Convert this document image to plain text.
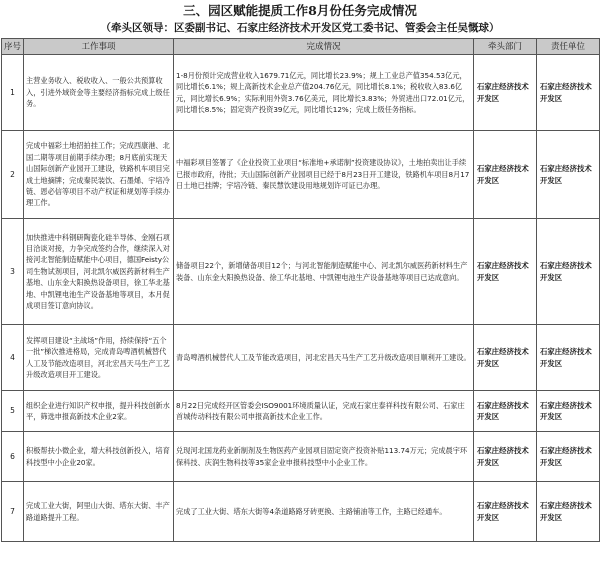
三、园区赋能提质工作8月份任务完成情况
（牵头区领导：区委副书记、石家庄经济技术开发区党工委书记、管委会主任吴慨球）
序号	工作事项	完成情况	牵头部门	责任单位
1	主营业务收入、税收收入、一般公共预算收入，引进外域资金等主要经济指标完成上级任务。	1-8月份预计完成营业收入1679.71亿元，同比增长23.9%；规上工业总产值354.53亿元，同比增长6.1%；规上高新技术企业总产值204.76亿元，同比增长8.1%；税收收入83.6亿元，同比增长6.9%；实际利用外资3.76亿美元，同比增长3.83%；外贸进出口72.01亿元，同比增长8.5%；固定资产投资39亿元，同比增长12%；完成上级任务指标。	石家庄经济技术开发区	石家庄经济技术开发区
2	完成中福彩土地招拍挂工作；完成西康港、北国二期等项目前期手续办理；8月底前实现天山国际创新产业园开工建设，铁路机车项目完成土地摘牌；完成秦民装饮、石墨烯、宇培冷链、恩必信等项目不动产权证和规划等手续办理工作。	中福彩项目签署了《企业投资工业项目“标准地+承诺制”投资建设协议》，土地拍卖出让手续已报市政府，待批；天山国际创新产业园项目已经于8月23日开工建设，铁路机车项目8月17日土地已挂牌；宇培冷链、秦民慧饮建设用地规划许可证已办理。	石家庄经济技术开发区	石家庄经济技术开发区
3	加快推进中科钢研陶瓷化硅半导体、金刚石项目洽谈对接，力争完成签约合作，继续深入对接河北智能制造赋能中心项目，德国Feisty公司生物试剂项目，河北凯尔威医药新材料生产基地、山东金大阳换热设备项目，徐工华北基地、中凯锂电池生产设备基地等项目，本月促成项目签订意向协议。	储备项目22个，新增储备项目12个；与河北智能制造赋能中心、河北凯尔威医药新材料生产装备、山东金大阳换热设备、徐工华北基地、中凯锂电池生产设备基地等项目已达成意向。	石家庄经济技术开发区	石家庄经济技术开发区
4	发挥项目建设“主战场”作用，持续保持“五个一批”梯次推进格局，完成青岛啤酒机械替代人工及节能改造项目，河北宏昌天马生产工艺升级改造项目开工建设。	青岛啤酒机械替代人工及节能改造项目，河北宏昌天马生产工艺升级改造项目顺利开工建设。	石家庄经济技术开发区	石家庄经济技术开发区
5	组织企业进行知识产权申报，提升科技创新水平，筛选申报高新技术企业2家。	8月22日完成经开区管委会ISO9001环境质量认证，完成石家庄泰祥科技有限公司、石家庄首城传动科技有限公司申报高新技术企业工作。	石家庄经济技术开发区	石家庄经济技术开发区
6	积极帮扶小微企业，增大科技创新投入，培育科技型中小企业20家。	兑现河北国龙药业新制剂及生物医药产业园项目固定资产投资补贴113.74万元；完成晨宇环保科技、庆润生物科技等35家企业申报科技型中小企业工作。	石家庄经济技术开发区	石家庄经济技术开发区
7	完成工业大街，阿里山大街、塔东大街、丰产路道路提升工程。	完成了工业大街、塔东大街等4条道路路牙砖更换、主路铺油等工作，主路已经通车。	石家庄经济技术开发区	石家庄经济技术开发区
